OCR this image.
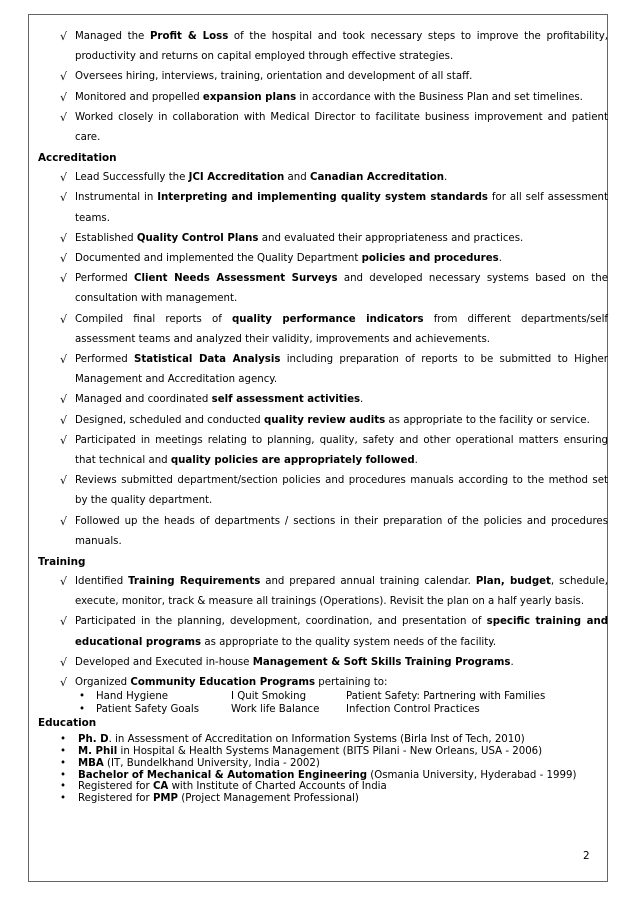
√ Managed the Profit & Loss of the hospital and took necessary steps to improve the profitability, productivity and returns on capital employed through effective strategies.
√ Oversees hiring, interviews, training, orientation and development of all staff.
√ Monitored and propelled expansion plans in accordance with the Business Plan and set timelines.
√ Worked closely in collaboration with Medical Director to facilitate business improvement and patient care.
Accreditation
√ Lead Successfully the JCI Accreditation and Canadian Accreditation.
√ Instrumental in Interpreting and implementing quality system standards for all self assessment teams.
√ Established Quality Control Plans and evaluated their appropriateness and practices.
√ Documented and implemented the Quality Department policies and procedures.
√ Performed Client Needs Assessment Surveys and developed necessary systems based on the consultation with management.
√ Compiled final reports of quality performance indicators from different departments/self assessment teams and analyzed their validity, improvements and achievements.
√ Performed Statistical Data Analysis including preparation of reports to be submitted to Higher Management and Accreditation agency.
√ Managed and coordinated self assessment activities.
√ Designed, scheduled and conducted quality review audits as appropriate to the facility or service.
√ Participated in meetings relating to planning, quality, safety and other operational matters ensuring that technical and quality policies are appropriately followed.
√ Reviews submitted department/section policies and procedures manuals according to the method set by the quality department.
√ Followed up the heads of departments / sections in their preparation of the policies and procedures manuals.
Training
√ Identified Training Requirements and prepared annual training calendar. Plan, budget, schedule, execute, monitor, track & measure all trainings (Operations). Revisit the plan on a half yearly basis.
√ Participated in the planning, development, coordination, and presentation of specific training and educational programs as appropriate to the quality system needs of the facility.
√ Developed and Executed in-house Management & Soft Skills Training Programs.
√ Organized Community Education Programs pertaining to:
• Hand Hygiene	I Quit Smoking	Patient Safety: Partnering with Families
• Patient Safety Goals	Work life Balance	Infection Control Practices
Education
• Ph. D. in Assessment of Accreditation on Information Systems (Birla Inst of Tech, 2010)
• M. Phil in Hospital & Health Systems Management (BITS Pilani - New Orleans, USA - 2006)
• MBA (IT, Bundelkhand University, India - 2002)
• Bachelor of Mechanical & Automation Engineering (Osmania University, Hyderabad - 1999)
• Registered for CA with Institute of Charted Accounts of India
• Registered for PMP (Project Management Professional)
2
